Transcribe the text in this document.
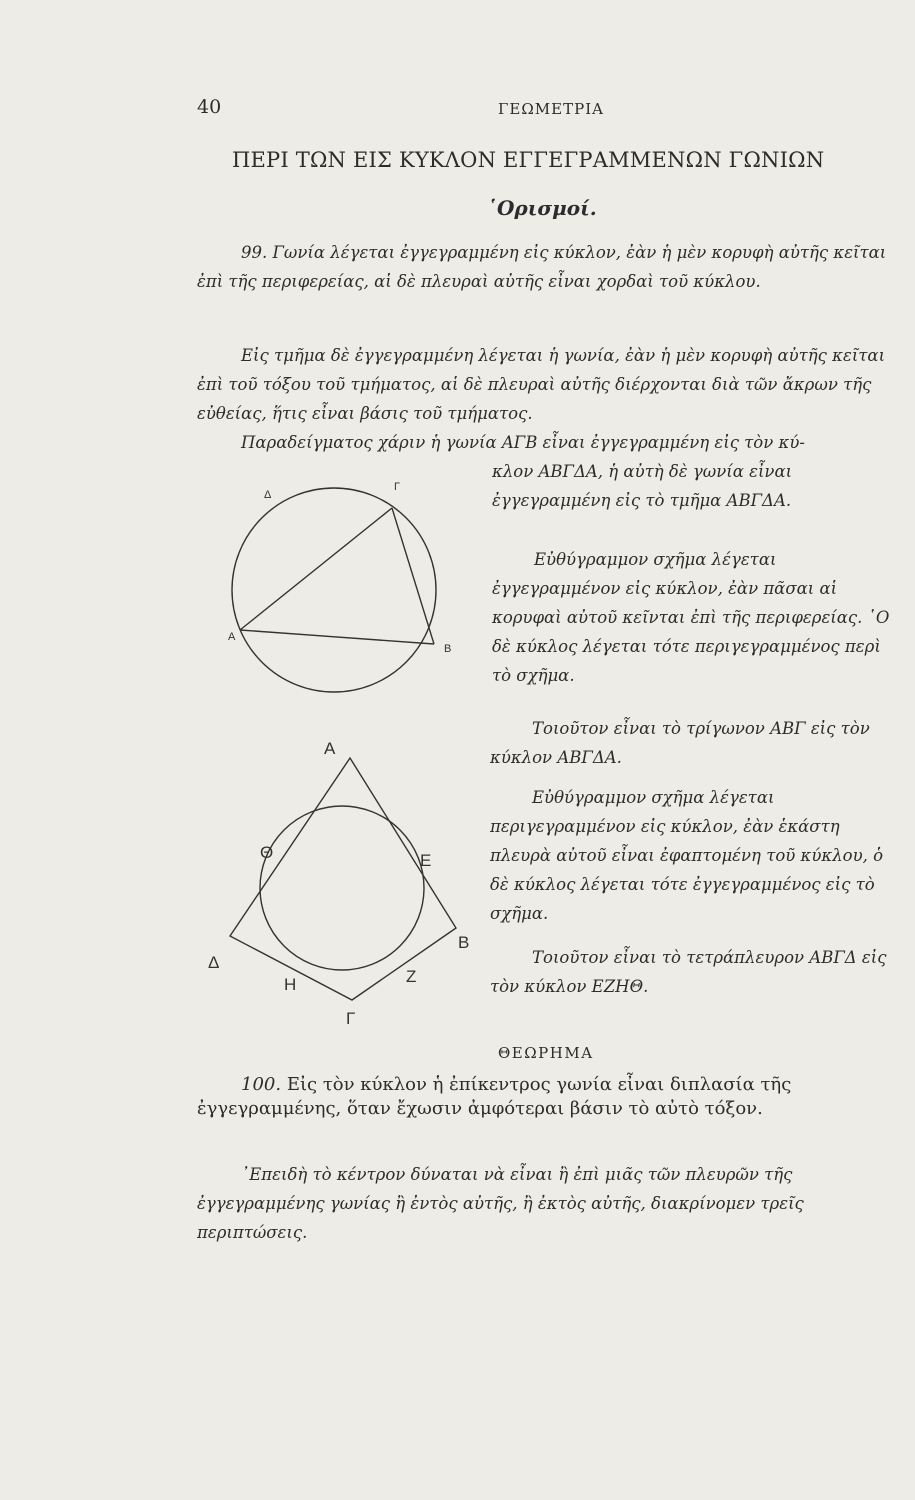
40	ΓΕΩΜΕΤΡΙΑ
ΠΕΡΙ ΤΩΝ ΕΙΣ ΚΥΚΛΟΝ ΕΓΓΕΓΡΑΜΜΕΝΩΝ ΓΩΝΙΩΝ
῾Ορισμοί.
99. Γωνία λέγεται ἐγγεγραμμένη εἰς κύκλον, ἐὰν ἡ μὲν κορυφὴ αὐτῆς κεῖται ἐπὶ τῆς περιφερείας, αἱ δὲ πλευραὶ αὐτῆς εἶναι χορδαὶ τοῦ κύκλου.
Εἰς τμῆμα δὲ ἐγγεγραμμένη λέγεται ἡ γωνία, ἐὰν ἡ μὲν κορυφὴ αὐτῆς κεῖται ἐπὶ τοῦ τόξου τοῦ τμήματος, αἱ δὲ πλευραὶ αὐτῆς διέρχονται διὰ τῶν ἄκρων τῆς εὐθείας, ἥτις εἶναι βάσις τοῦ τμήματος.
Παραδείγματος χάριν ἡ γωνία ΑΓΒ εἶναι ἐγγεγραμμένη εἰς τὸν κύ-
κλον ΑΒΓΔΑ, ἡ αὐτὴ δὲ γωνία εἶναι ἐγγεγραμμένη εἰς τὸ τμῆμα ΑΒΓΔΑ.
Εὐθύγραμμον σχῆμα λέγεται ἐγγεγραμμένον εἰς κύκλον, ἐὰν πᾶσαι αἱ κορυφαὶ αὐτοῦ κεῖνται ἐπὶ τῆς περιφερείας. ῾Ο δὲ κύκλος λέγεται τότε περιγεγραμμένος περὶ τὸ σχῆμα.
Τοιοῦτον εἶναι τὸ τρίγωνον ΑΒΓ εἰς τὸν κύκλον ΑΒΓΔΑ.
Εὐθύγραμμον σχῆμα λέγεται περιγεγραμμένον εἰς κύκλον, ἐὰν ἑκάστη πλευρὰ αὐτοῦ εἶναι ἐφαπτομένη τοῦ κύκλου, ὁ δὲ κύκλος λέγεται τότε ἐγγεγραμμένος εἰς τὸ σχῆμα.
Τοιοῦτον εἶναι τὸ τετράπλευρον ΑΒΓΔ εἰς τὸν κύκλον ΕΖΗΘ.
ΘΕΩΡΗΜΑ
100. Εἰς τὸν κύκλον ἡ ἐπίκεντρος γωνία εἶναι διπλασία τῆς ἐγγεγραμμένης, ὅταν ἔχωσιν ἀμφότεραι βάσιν τὸ αὐτὸ τόξον.
᾿Επειδὴ τὸ κέντρον δύναται νὰ εἶναι ἢ ἐπὶ μιᾶς τῶν πλευρῶν τῆς ἐγγεγραμμένης γωνίας ἢ ἐντὸς αὐτῆς, ἢ ἐκτὸς αὐτῆς, διακρίνομεν τρεῖς περιπτώσεις.
Δ
Γ
Α
Β
Α
Θ	Ε
Β
Δ
Η	Ζ
Γ
